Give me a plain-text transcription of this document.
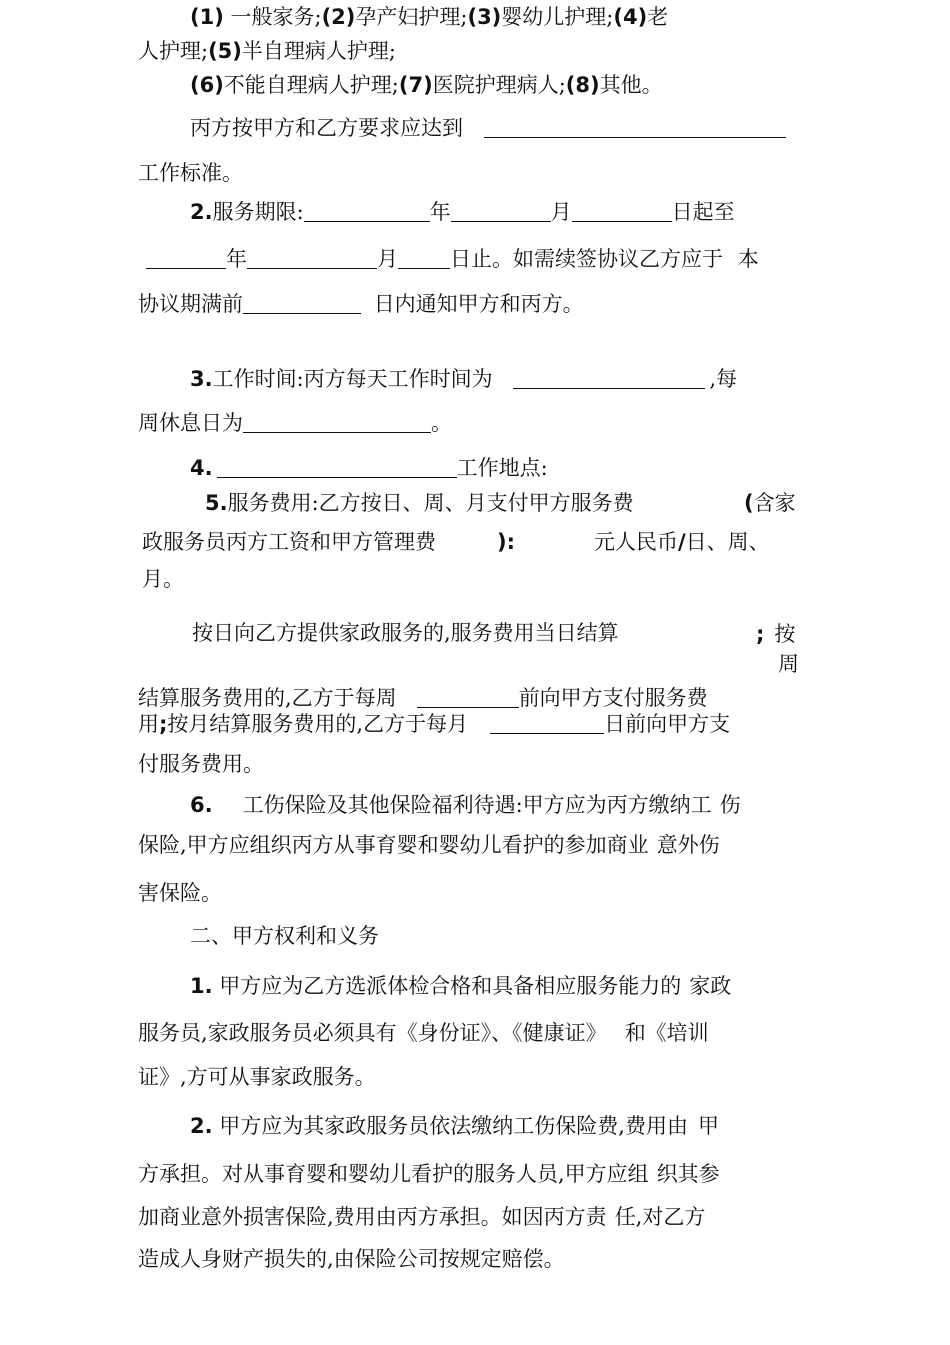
(1) 一般家务;(2)孕产妇护理;(3)婴幼儿护理;(4)老

人护理;(5)半自理病人护理;

(6)不能自理病人护理;(7)医院护理病人;(8)其他。

丙方按甲方和乙方要求应达到

工作标准。

2.服务期限:	年	月	日起至

年	月 日止。如需续签协议乙方应于 本

协议期满前	日内通知甲方和丙方。

3.工作时间:丙方每天工作时间为	,每

周休息日为	。

4.	工作地点:

5.服务费用:乙方按日、周、月支付甲方服务费	(含家

政服务员丙方工资和甲方管理费	):	元人民币/日、周、

月。

按日向乙方提供家政服务的,服务费用当日结算	; 按

周

结算服务费用的,乙方于每周	前向甲方支付服务费

用;按月结算服务费用的,乙方于每月	日前向甲方支

付服务费用。

6. 工伤保险及其他保险福利待遇:甲方应为丙方缴纳工 伤

保险,甲方应组织丙方从事育婴和婴幼儿看护的参加商业 意外伤

害保险。

二、甲方权利和义务

1. 甲方应为乙方选派体检合格和具备相应服务能力的 家政

服务员,家政服务员必须具有《身份证》、《健康证》 和《培训

证》,方可从事家政服务。

2. 甲方应为其家政服务员依法缴纳工伤保险费,费用由 甲

方承担。对从事育婴和婴幼儿看护的服务人员,甲方应组 织其参

加商业意外损害保险,费用由丙方承担。如因丙方责 任,对乙方

造成人身财产损失的,由保险公司按规定赔偿。
